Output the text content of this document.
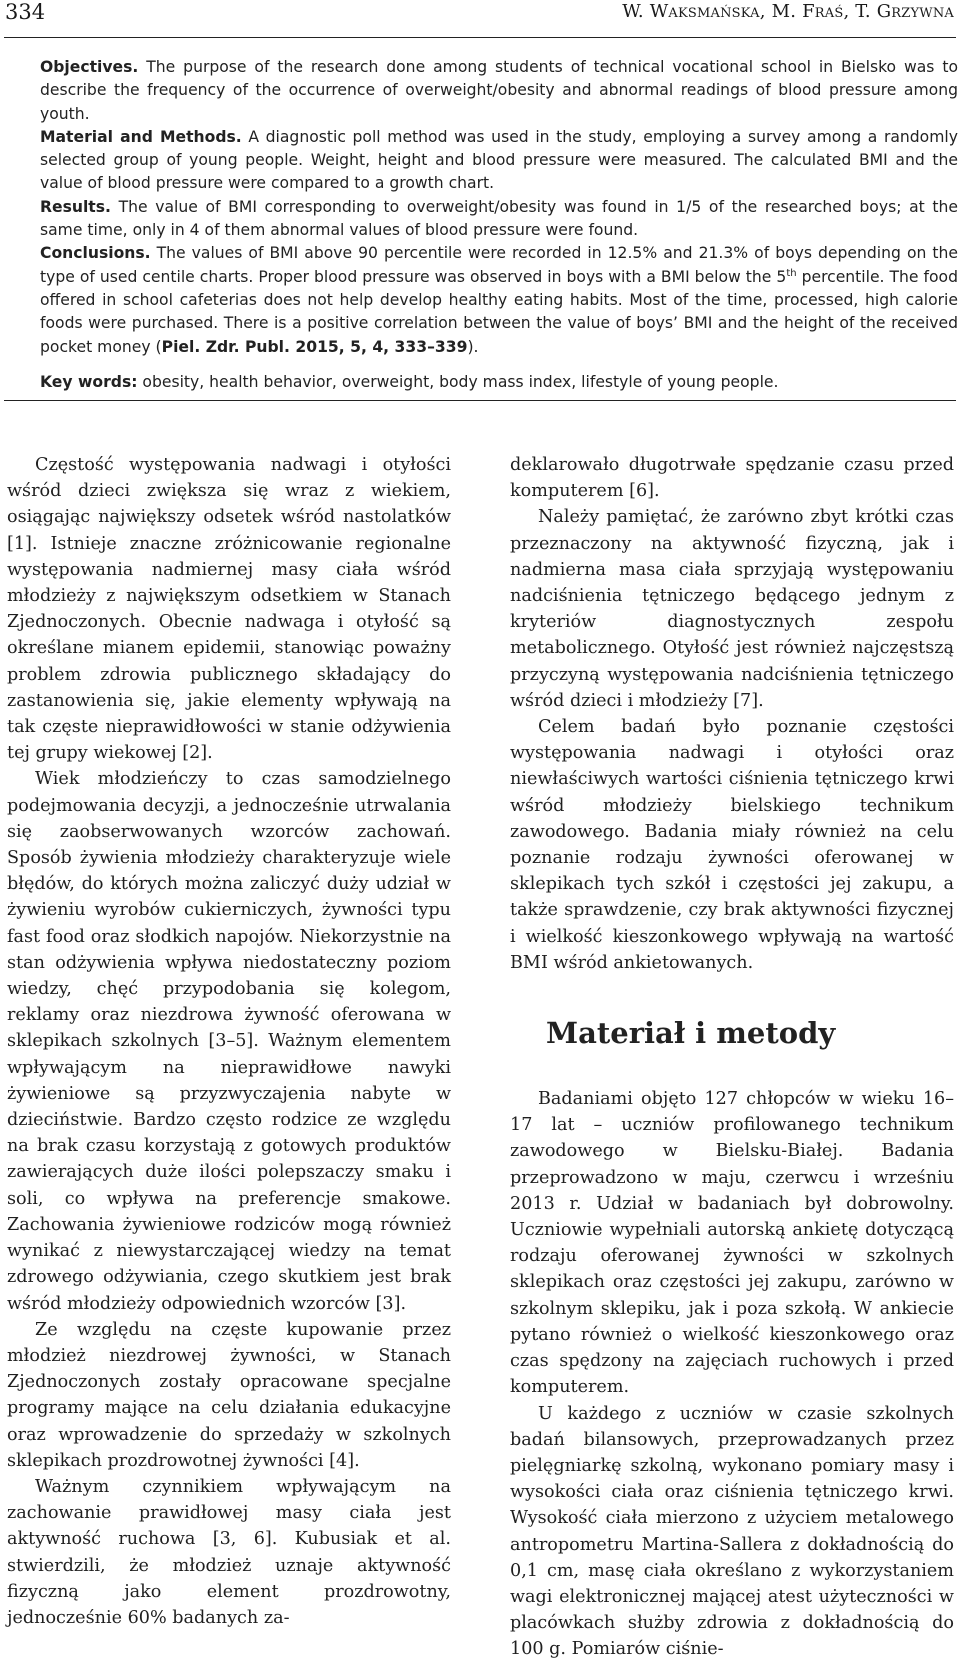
334	W. Waksmańska, M. Fraś, T. Grzywna

Objectives. The purpose of the research done among students of technical vocational school in Bielsko was to describe the frequency of the occurrence of overweight/obesity and abnormal readings of blood pressure among youth.
Material and Methods. A diagnostic poll method was used in the study, employing a survey among a randomly selected group of young people. Weight, height and blood pressure were measured. The calculated BMI and the value of blood pressure were compared to a growth chart.
Results. The value of BMI corresponding to overweight/obesity was found in 1/5 of the researched boys; at the same time, only in 4 of them abnormal values of blood pressure were found.
Conclusions. The values of BMI above 90 percentile were recorded in 12.5% and 21.3% of boys depending on the type of used centile charts. Proper blood pressure was observed in boys with a BMI below the 5th percentile. The food offered in school cafeterias does not help develop healthy eating habits. Most of the time, processed, high calorie foods were purchased. There is a positive correlation between the value of boys’ BMI and the height of the received pocket money (Piel. Zdr. Publ. 2015, 5, 4, 333–339).

Key words: obesity, health behavior, overweight, body mass index, lifestyle of young people.

Częstość występowania nadwagi i otyłości wśród dzieci zwiększa się wraz z wiekiem, osiągając największy odsetek wśród nastolatków [1]. Istnieje znaczne zróżnicowanie regionalne występowania nadmiernej masy ciała wśród młodzieży z największym odsetkiem w Stanach Zjednoczonych. Obecnie nadwaga i otyłość są określane mianem epidemii, stanowiąc poważny problem zdrowia publicznego składający do zastanowienia się, jakie elementy wpływają na tak częste nieprawidłowości w stanie odżywienia tej grupy wiekowej [2].

Wiek młodzieńczy to czas samodzielnego podejmowania decyzji, a jednocześnie utrwalania się zaobserwowanych wzorców zachowań. Sposób żywienia młodzieży charakteryzuje wiele błędów, do których można zaliczyć duży udział w żywieniu wyrobów cukierniczych, żywności typu fast food oraz słodkich napojów. Niekorzystnie na stan odżywienia wpływa niedostateczny poziom wiedzy, chęć przypodobania się kolegom, reklamy oraz niezdrowa żywność oferowana w sklepikach szkolnych [3–5]. Ważnym elementem wpływającym na nieprawidłowe nawyki żywieniowe są przyzwyczajenia nabyte w dzieciństwie. Bardzo często rodzice ze względu na brak czasu korzystają z gotowych produktów zawierających duże ilości polepszaczy smaku i soli, co wpływa na preferencje smakowe. Zachowania żywieniowe rodziców mogą również wynikać z niewystarczającej wiedzy na temat zdrowego odżywiania, czego skutkiem jest brak wśród młodzieży odpowiednich wzorców [3].

Ze względu na częste kupowanie przez młodzież niezdrowej żywności, w Stanach Zjednoczonych zostały opracowane specjalne programy mające na celu działania edukacyjne oraz wprowadzenie do sprzedaży w szkolnych sklepikach prozdrowotnej żywności [4].

Ważnym czynnikiem wpływającym na zachowanie prawidłowej masy ciała jest aktywność ruchowa [3, 6]. Kubusiak et al. stwierdzili, że młodzież uznaje aktywność fizyczną jako element prozdrowotny, jednocześnie 60% badanych za-

deklarowało długotrwałe spędzanie czasu przed komputerem [6].

Należy pamiętać, że zarówno zbyt krótki czas przeznaczony na aktywność fizyczną, jak i nadmierna masa ciała sprzyjają występowaniu nadciśnienia tętniczego będącego jednym z kryteriów diagnostycznych zespołu metabolicznego. Otyłość jest również najczęstszą przyczyną występowania nadciśnienia tętniczego wśród dzieci i młodzieży [7].

Celem badań było poznanie częstości występowania nadwagi i otyłości oraz niewłaściwych wartości ciśnienia tętniczego krwi wśród młodzieży bielskiego technikum zawodowego. Badania miały również na celu poznanie rodzaju żywności oferowanej w sklepikach tych szkół i częstości jej zakupu, a także sprawdzenie, czy brak aktywności fizycznej i wielkość kieszonkowego wpływają na wartość BMI wśród ankietowanych.

Materiał i metody

Badaniami objęto 127 chłopców w wieku 16–17 lat – uczniów profilowanego technikum zawodowego w Bielsku-Białej. Badania przeprowadzono w maju, czerwcu i wrześniu 2013 r. Udział w badaniach był dobrowolny. Uczniowie wypełniali autorską ankietę dotyczącą rodzaju oferowanej żywności w szkolnych sklepikach oraz częstości jej zakupu, zarówno w szkolnym sklepiku, jak i poza szkołą. W ankiecie pytano również o wielkość kieszonkowego oraz czas spędzony na zajęciach ruchowych i przed komputerem.

U każdego z uczniów w czasie szkolnych badań bilansowych, przeprowadzanych przez pielęgniarkę szkolną, wykonano pomiary masy i wysokości ciała oraz ciśnienia tętniczego krwi. Wysokość ciała mierzono z użyciem metalowego antropometru Martina-Sallera z dokładnością do 0,1 cm, masę ciała określano z wykorzystaniem wagi elektronicznej mającej atest użyteczności w placówkach służby zdrowia z dokładnością do 100 g. Pomiarów ciśnie-
